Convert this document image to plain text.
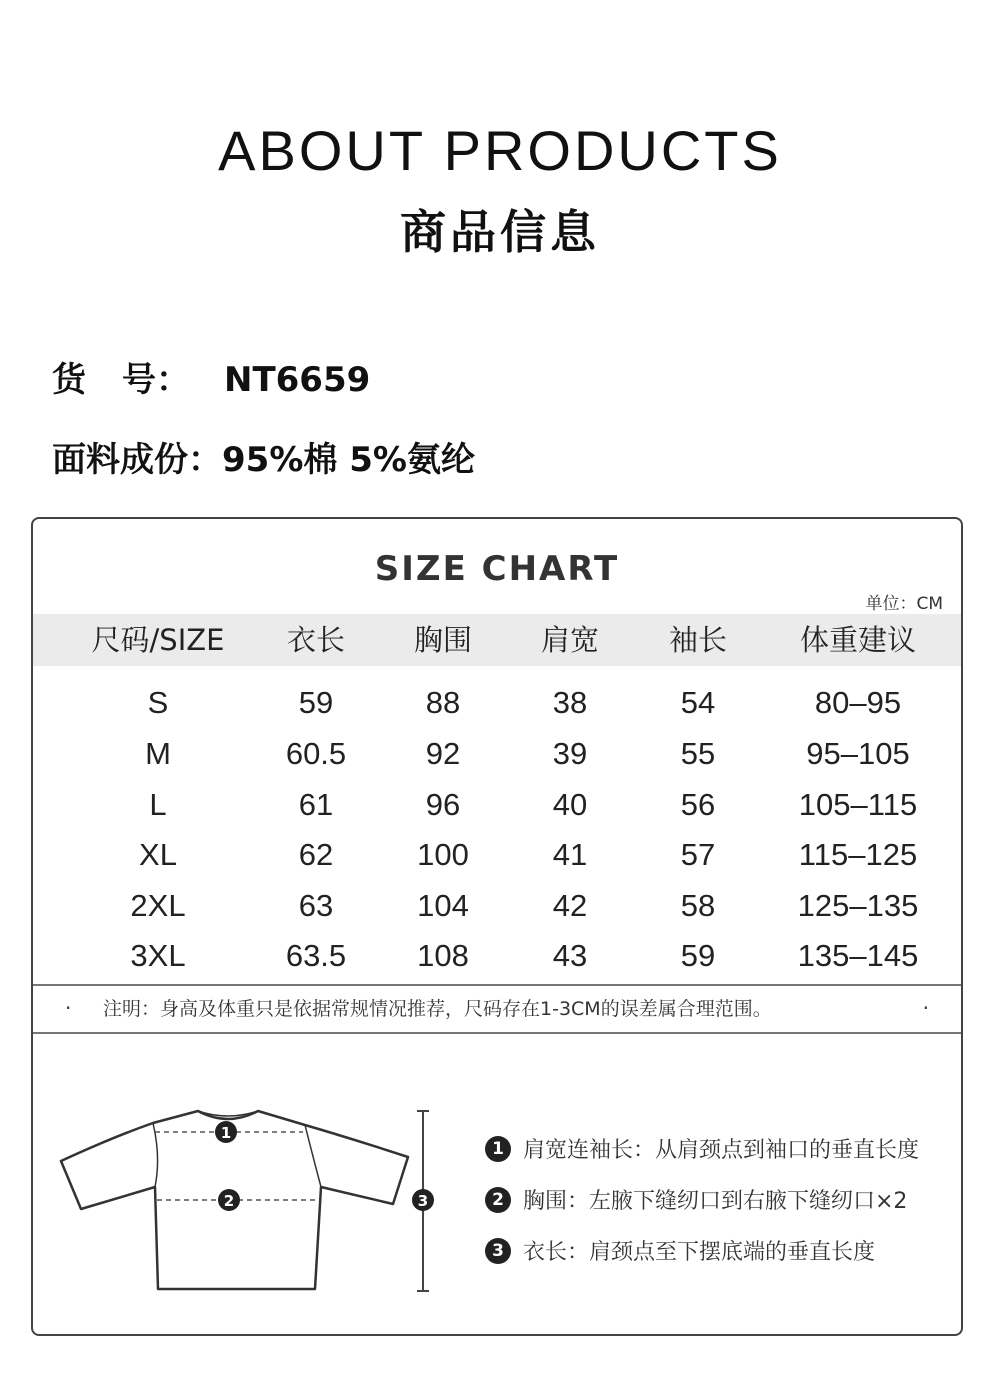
ABOUT PRODUCTS
商品信息
货 号： NT6659
面料成份：95%棉 5%氨纶
SIZE CHART
单位：CM
尺码/SIZE	衣长	胸围	肩宽	袖长	体重建议
S	59	88	38	54	80–95
M	60.5	92	39	55	95–105
L	61	96	40	56	105–115
XL	62	100	41	57	115–125
2XL	63	104	42	58	125–135
3XL	63.5	108	43	59	135–145
· 注明：身高及体重只是依据常规情况推荐，尺码存在1-3CM的误差属合理范围。	·
1
2	3
1 肩宽连袖长：从肩颈点到袖口的垂直长度
2 胸围：左腋下缝纫口到右腋下缝纫口×2
3 衣长：肩颈点至下摆底端的垂直长度
